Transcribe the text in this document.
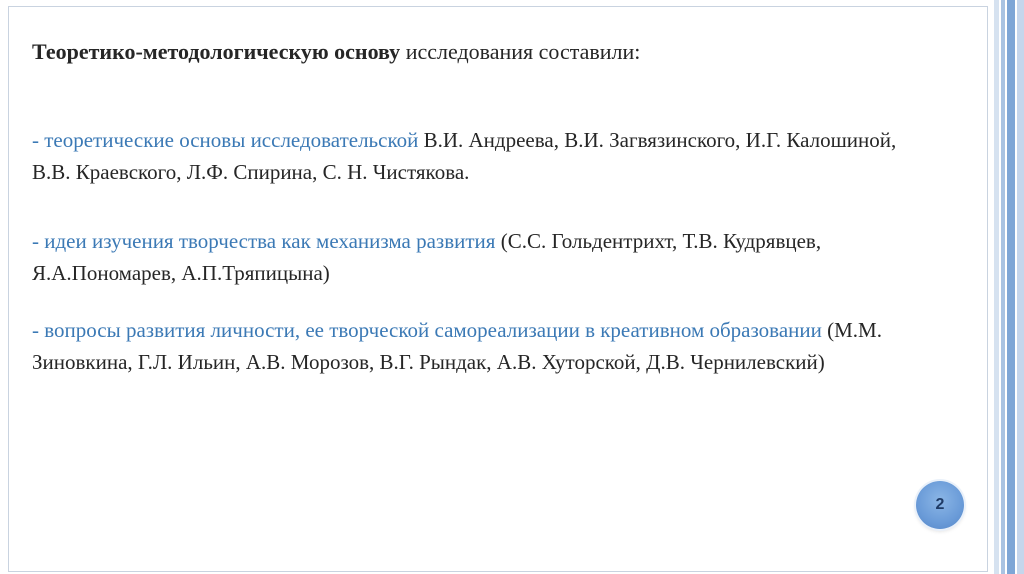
Теоретико-методологическую основу исследования составили:
- теоретические основы исследовательской В.И. Андреева, В.И. Загвязинского, И.Г. Калошиной, В.В. Краевского, Л.Ф. Спирина, С. Н. Чистякова.
- идеи изучения творчества как механизма развития (С.С. Гольдентрихт, Т.В. Кудрявцев, Я.А.Пономарев, А.П.Тряпицына)
- вопросы развития личности, ее творческой самореализации в креативном образовании (М.М. Зиновкина, Г.Л. Ильин, А.В. Морозов, В.Г. Рындак, А.В. Хуторской, Д.В. Чернилевский)
2
